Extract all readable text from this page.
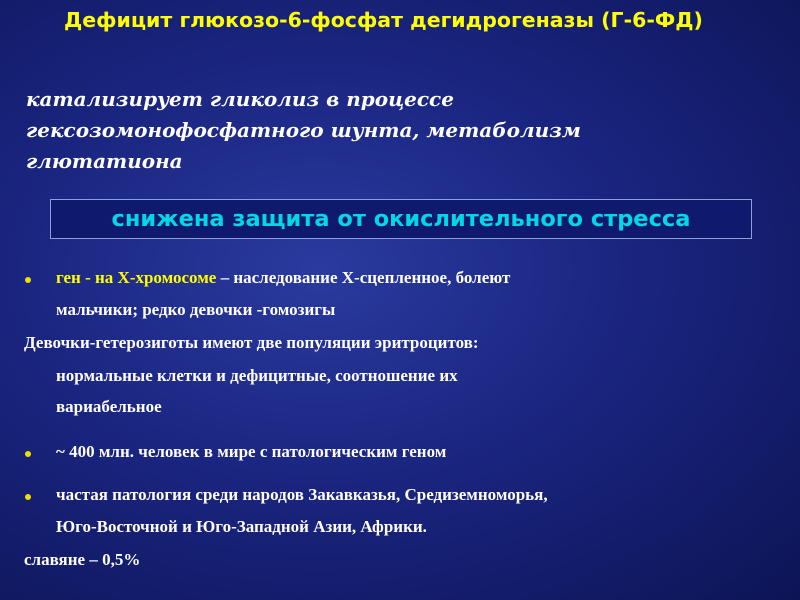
Дефицит глюкозо-6-фосфат дегидрогеназы (Г-6-ФД)
катализирует гликолиз в процессе
гексозомонофосфатного шунта, метаболизм
глютатиона
снижена защита от окислительного стресса
ген - на Х-хромосоме – наследование Х-сцепленное, болеют
мальчики; редко девочки -гомозигы
Девочки-гетерозиготы имеют две популяции эритроцитов:
нормальные клетки и дефицитные, соотношение их
вариабельное
~ 400 млн. человек в мире с патологическим геном
частая патология среди народов Закавказья, Средиземноморья,
Юго-Восточной и Юго-Западной Азии, Африки.
славяне – 0,5%
